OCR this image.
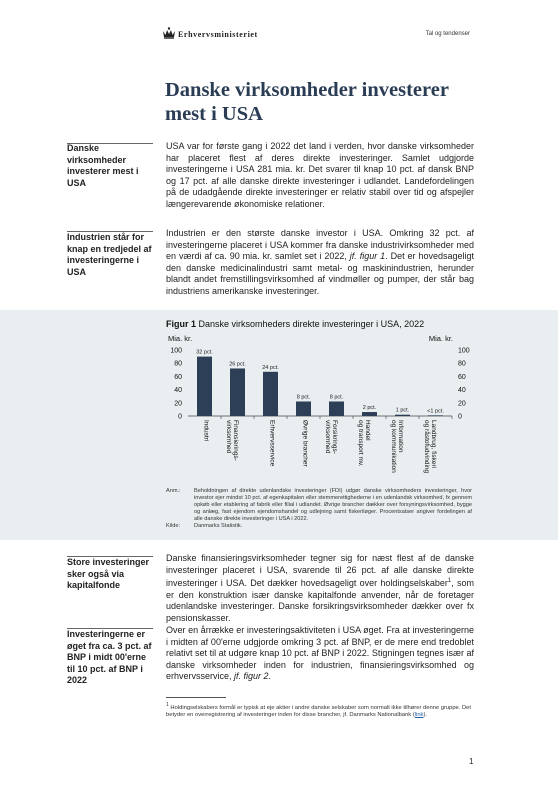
Erhvervsministeriet	Tal og tendenser
Danske virksomheder investerer mest i USA
Danske virksomheder investerer mest i USA
USA var for første gang i 2022 det land i verden, hvor danske virksomheder har placeret flest af deres direkte investeringer. Samlet udgjorde investeringerne i USA 281 mia. kr. Det svarer til knap 10 pct. af dansk BNP og 17 pct. af alle danske direkte investeringer i udlandet. Landefordelingen på de udadgående direkte investeringer er relativ stabil over tid og afspejler længerevarende økonomiske relationer.
Industrien står for knap en tredjedel af investeringerne i USA
Industrien er den største danske investor i USA. Omkring 32 pct. af investeringerne placeret i USA kommer fra danske industrivirksomheder med en værdi af ca. 90 mia. kr. samlet set i 2022, jf. figur 1. Det er hovedsageligt den danske medicinalindustri samt metal- og maskinindustrien, herunder blandt andet fremstillingsvirksomhed af vindmøller og pumper, der står bag industriens amerikanske investeringer.
Figur 1 Danske virksomheders direkte investeringer i USA, 2022
Mia. kr.	Mia. kr.
100	100
80	80
60	60
40	40
20	20
0	0
32 pct.
Industri
26 pct.
Finansierings-virksomhed
24 pct.
Erhvervsservice
8 pct.
Øvrige brancher
8 pct.
Forsikrings-virksomhed
2 pct.
Handelog transport mv.
1 pct.
Informationog kommunikation
<1 pct.
Landbrug, fiskeriog råstofudvinding
Anm.: Beholdningen af direkte udenlandske investeringer (FDI) udgør danske virksomheders investeringer, hvor investor ejer mindst 10 pct. af egenkapitalen eller stemmerettighederne i en udenlandsk virksomhed, fx gennem opkøb eller etablering af fabrik eller filial i udlandet. Øvrige brancher dækker over forsyningsvirksomhed, bygge og anlæg, fast ejendom ejendomshandel og udlejning samt fiskeriløger. Procentsatser angiver fordelingen af alle danske direkte investeringer i USA i 2022.
Kilde:	Danmarks Statistik.
Store investeringer sker også via kapitalfonde
Danske finansieringsvirksomheder tegner sig for næst flest af de danske investeringer placeret i USA, svarende til 26 pct. af alle danske direkte investeringer i USA. Det dækker hovedsageligt over holdingselskaber$^1$, som er den konstruktion især danske kapitalfonde anvender, når de foretager udenlandske investeringer. Danske forsikringsvirksomheder dækker over fx pensionskasser.
Investeringerne er øget fra ca. 3 pct. af BNP i midt 00'erne til 10 pct. af BNP i 2022
Over en årrække er investeringsaktiviteten i USA øget. Fra at investeringerne i midten af 00'erne udgjorde omkring 3 pct. af BNP, er de mere end tredoblet relativt set til at udgøre knap 10 pct. af BNP i 2022. Stigningen tegnes især af danske virksomheder inden for industrien, finansieringsvirksomhed og erhvervsservice, jf. figur 2.
$^1$ Holdingselskabers formål er typisk at eje aktier i andre danske selskaber som normalt ikke tilhører denne gruppe. Det betyder en overregistrering af investeringer inden for disse brancher, jf. Danmarks Nationalbank (link).
1
